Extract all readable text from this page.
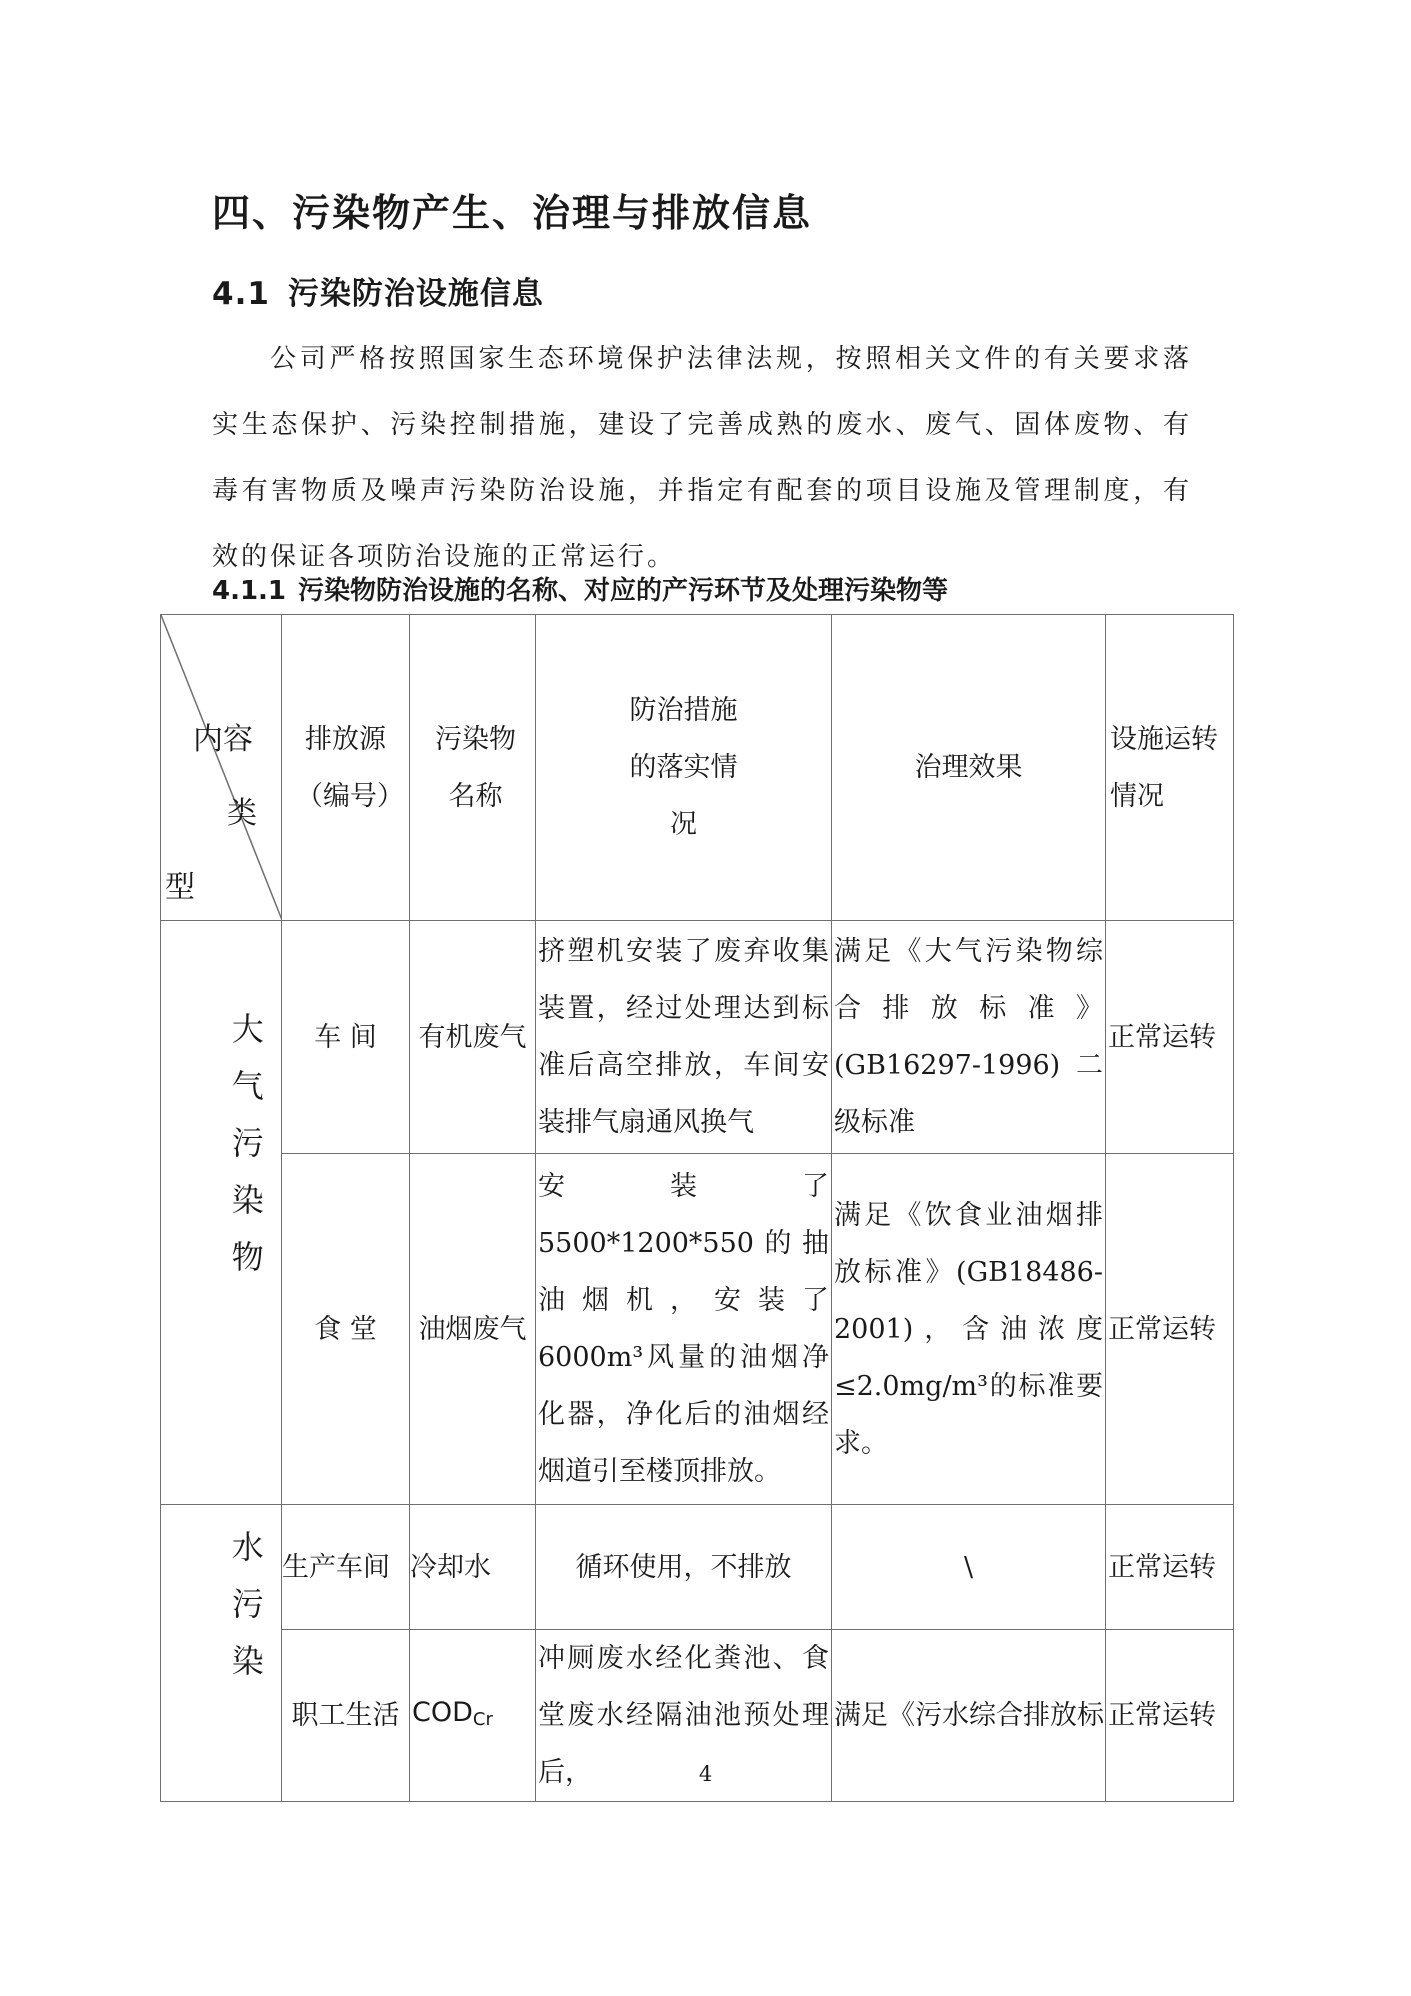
四、污染物产生、治理与排放信息
4.1 污染防治设施信息
公司严格按照国家生态环境保护法律法规，按照相关文件的有关要求落实生态保护、污染控制措施，建设了完善成熟的废水、废气、固体废物、有毒有害物质及噪声污染防治设施，并指定有配套的项目设施及管理制度，有效的保证各项防治设施的正常运行。
4.1.1 污染物防治设施的名称、对应的产污环节及处理污染物等
内容
类
型	排放源（编号）	污染物名称	防治措施的落实情况	治理效果	设施运转情况

大气污染物	车 间	有机废气	挤塑机安装了废弃收集装置，经过处理达到标准后高空排放，车间安装排气扇通风换气	满足《大气污染物综合排放标准》(GB16297-1996)二级标准	正常运转
	食 堂	油烟废气	安装了5500*1200*550的抽油烟机，安装了6000m³风量的油烟净化器，净化后的油烟经烟道引至楼顶排放。	满足《饮食业油烟排放标准》(GB18486-2001)，含油浓度≤2.0mg/m³的标准要求。	正常运转

水污染	生产车间	冷却水	循环使用，不排放	\	正常运转
	职工生活	$COD_{Cr}$	冲厕废水经化粪池、食堂废水经隔油池预处理后，	满足《污水综合排放标	正常运转
4
